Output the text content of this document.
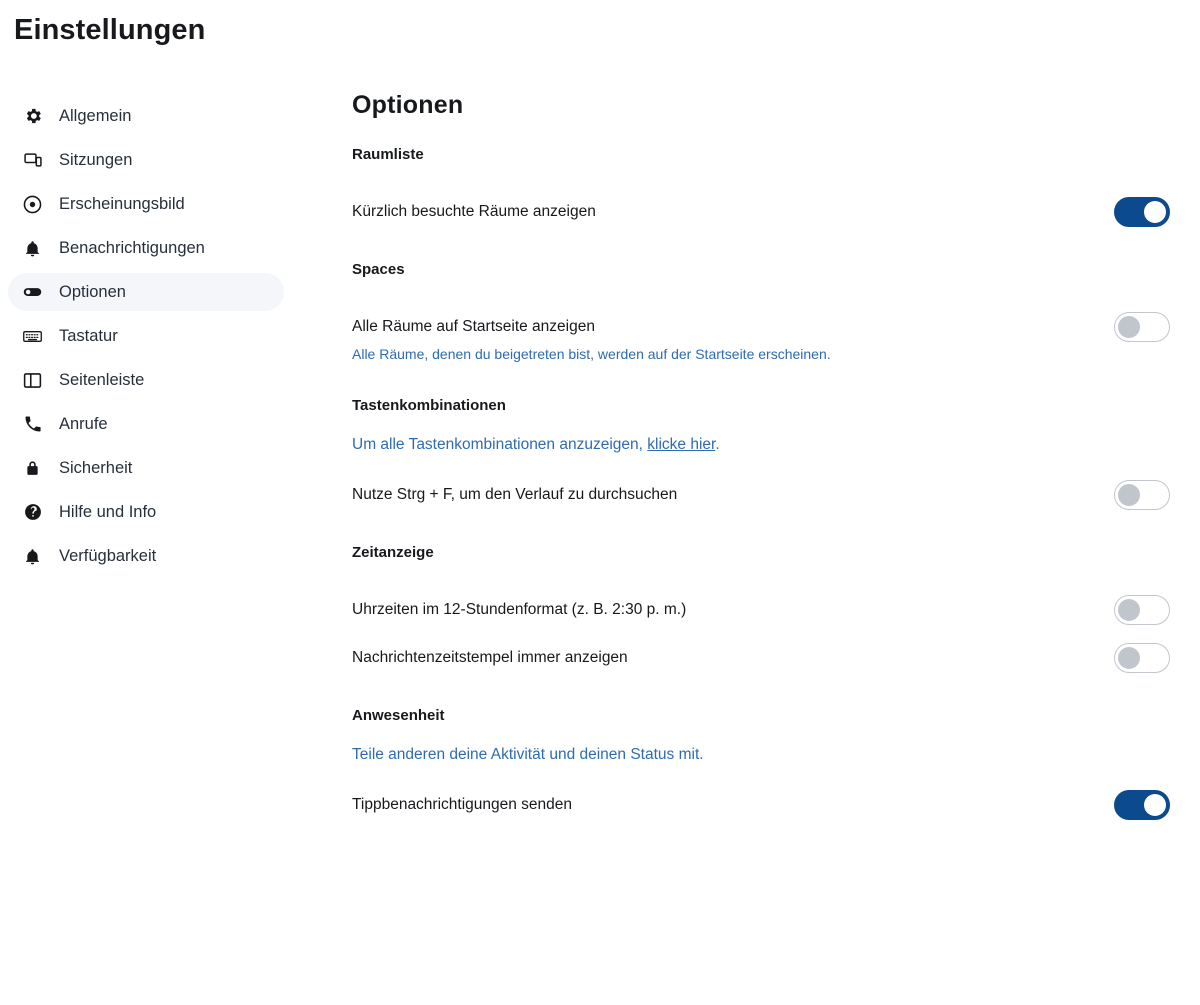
Einstellungen
Allgemein
Sitzungen
Erscheinungsbild
Benachrichtigungen
Optionen
Tastatur
Seitenleiste
Anrufe
Sicherheit
Hilfe und Info
Verfügbarkeit
Optionen
Raumliste
Kürzlich besuchte Räume anzeigen
Spaces
Alle Räume auf Startseite anzeigen
Alle Räume, denen du beigetreten bist, werden auf der Startseite erscheinen.
Tastenkombinationen
Um alle Tastenkombinationen anzuzeigen, klicke hier.
Nutze Strg + F, um den Verlauf zu durchsuchen
Zeitanzeige
Uhrzeiten im 12-Stundenformat (z. B. 2:30 p. m.)
Nachrichtenzeitstempel immer anzeigen
Anwesenheit
Teile anderen deine Aktivität und deinen Status mit.
Tippbenachrichtigungen senden
